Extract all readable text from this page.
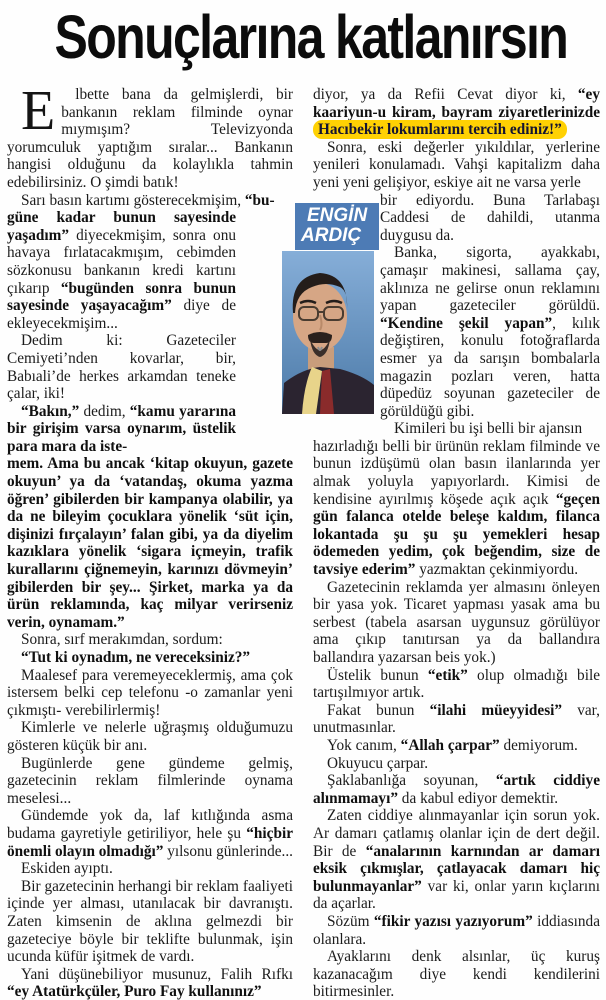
Sonuçlarına katlanırsın

E	lbette bana da gelmişlerdi, bir bankanın reklam filminde oynar mıymışım? Televizyonda yorumculuk yaptığım sıralar... Bankanın hangisi olduğunu da kolaylıkla tahmin edebilirsiniz. O şimdi batık!

Sarı basın kartımı gösterecekmişim, “bu-

güne kadar bunun sayesinde yaşadım” diyecekmişim, sonra onu havaya fırlatacakmışım, cebimden sözkonusu bankanın kredi kartını çıkarıp “bugünden sonra bunun sayesinde yaşayacağım” diye de ekleyecekmişim...

Dedim ki: Gazeteciler Cemiyeti’nden kovarlar, bir, Babıali’de herkes arkamdan teneke çalar, iki!

“Bakın,” dedim, “kamu yararına bir girişim varsa oynarım, üstelik para mara da iste-

mem. Ama bu ancak ‘kitap okuyun, gazete okuyun’ ya da ‘vatandaş, okuma yazma öğren’ gibilerden bir kampanya olabilir, ya da ne bileyim çocuklara yönelik ‘süt için, dişinizi fırçalayın’ falan gibi, ya da diyelim kazıklara yönelik ‘sigara içmeyin, trafik kurallarını çiğnemeyin, karınızı dövmeyin’ gibilerden bir şey... Şirket, marka ya da ürün reklamında, kaç milyar verirseniz verin, oynamam.”

Sonra, sırf merakımdan, sordum:

“Tut ki oynadım, ne vereceksiniz?”

Maalesef para veremeyeceklermiş, ama çok istersem belki cep telefonu -o zamanlar yeni çıkmıştı- verebilirlermiş!

Kimlerle ve nelerle uğraşmış olduğumuzu gösteren küçük bir anı.

Bugünlerde gene gündeme gelmiş, gazetecinin reklam filmlerinde oynama meselesi...

Gündemde yok da, laf kıtlığında asma budama gayretiyle getiriliyor, hele şu “hiçbir önemli olayın olmadığı” yılsonu günlerinde...

Eskiden ayıptı.

Bir gazetecinin herhangi bir reklam faaliyeti içinde yer alması, utanılacak bir davranıştı. Zaten kimsenin de aklına gelmezdi bir gazeteciye böyle bir teklifte bulunmak, işin ucunda küfür işitmek de vardı.

Yani düşünebiliyor musunuz, Falih Rıfkı “ey Atatürkçüler, Puro Fay kullanınız”

diyor, ya da Refii Cevat diyor ki, “ey kaariyun-u kiram, bayram ziyaretlerinizde Hacıbekir lokumlarını tercih ediniz!”

Sonra, eski değerler yıkıldılar, yerlerine yenileri konulamadı. Vahşi kapitalizm daha yeni yeni gelişiyor, eskiye ait ne varsa yerle

bir ediyordu. Buna Tarlabaşı Caddesi de dahildi, utanma duygusu da.

Banka, sigorta, ayakkabı, çamaşır makinesi, sallama çay, aklınıza ne gelirse onun reklamını yapan gazeteciler görüldü. “Kendine şekil yapan”, kılık değiştiren, konulu fotoğraflarda esmer ya da sarışın bombalarla magazin pozları veren, hatta düpedüz soyunan gazeteciler de görüldüğü gibi.

Kimileri bu işi belli bir ajansın

hazırladığı belli bir ürünün reklam filminde ve bunun izdüşümü olan basın ilanlarında yer almak yoluyla yapıyorlardı. Kimisi de kendisine ayırılmış köşede açık açık “geçen gün falanca otelde beleşe kaldım, filanca lokantada şu şu şu yemekleri hesap ödemeden yedim, çok beğendim, size de tavsiye ederim” yazmaktan çekinmiyordu.

Gazetecinin reklamda yer almasını önleyen bir yasa yok. Ticaret yapması yasak ama bu serbest (tabela asarsan uygunsuz görülüyor ama çıkıp tanıtırsan ya da ballandıra ballandıra yazarsan beis yok.)

Üstelik bunun “etik” olup olmadığı bile tartışılmıyor artık.

Fakat bunun “ilahi müeyyidesi” var, unutmasınlar.

Yok canım, “Allah çarpar” demiyorum.

Okuyucu çarpar.

Şaklabanlığa soyunan, “artık ciddiye alınmamayı” da kabul ediyor demektir.

Zaten ciddiye alınmayanlar için sorun yok. Ar damarı çatlamış olanlar için de dert değil. Bir de “analarının karnından ar damarı eksik çıkmışlar, çatlayacak damarı hiç bulunmayanlar” var ki, onlar yarın kıçlarını da açarlar.

Sözüm “fikir yazısı yazıyorum” iddiasında olanlara.

Ayaklarını denk alsınlar, üç kuruş kazanacağım diye kendi kendilerini bitirmesinler.

ENGİN
ARDIÇ
